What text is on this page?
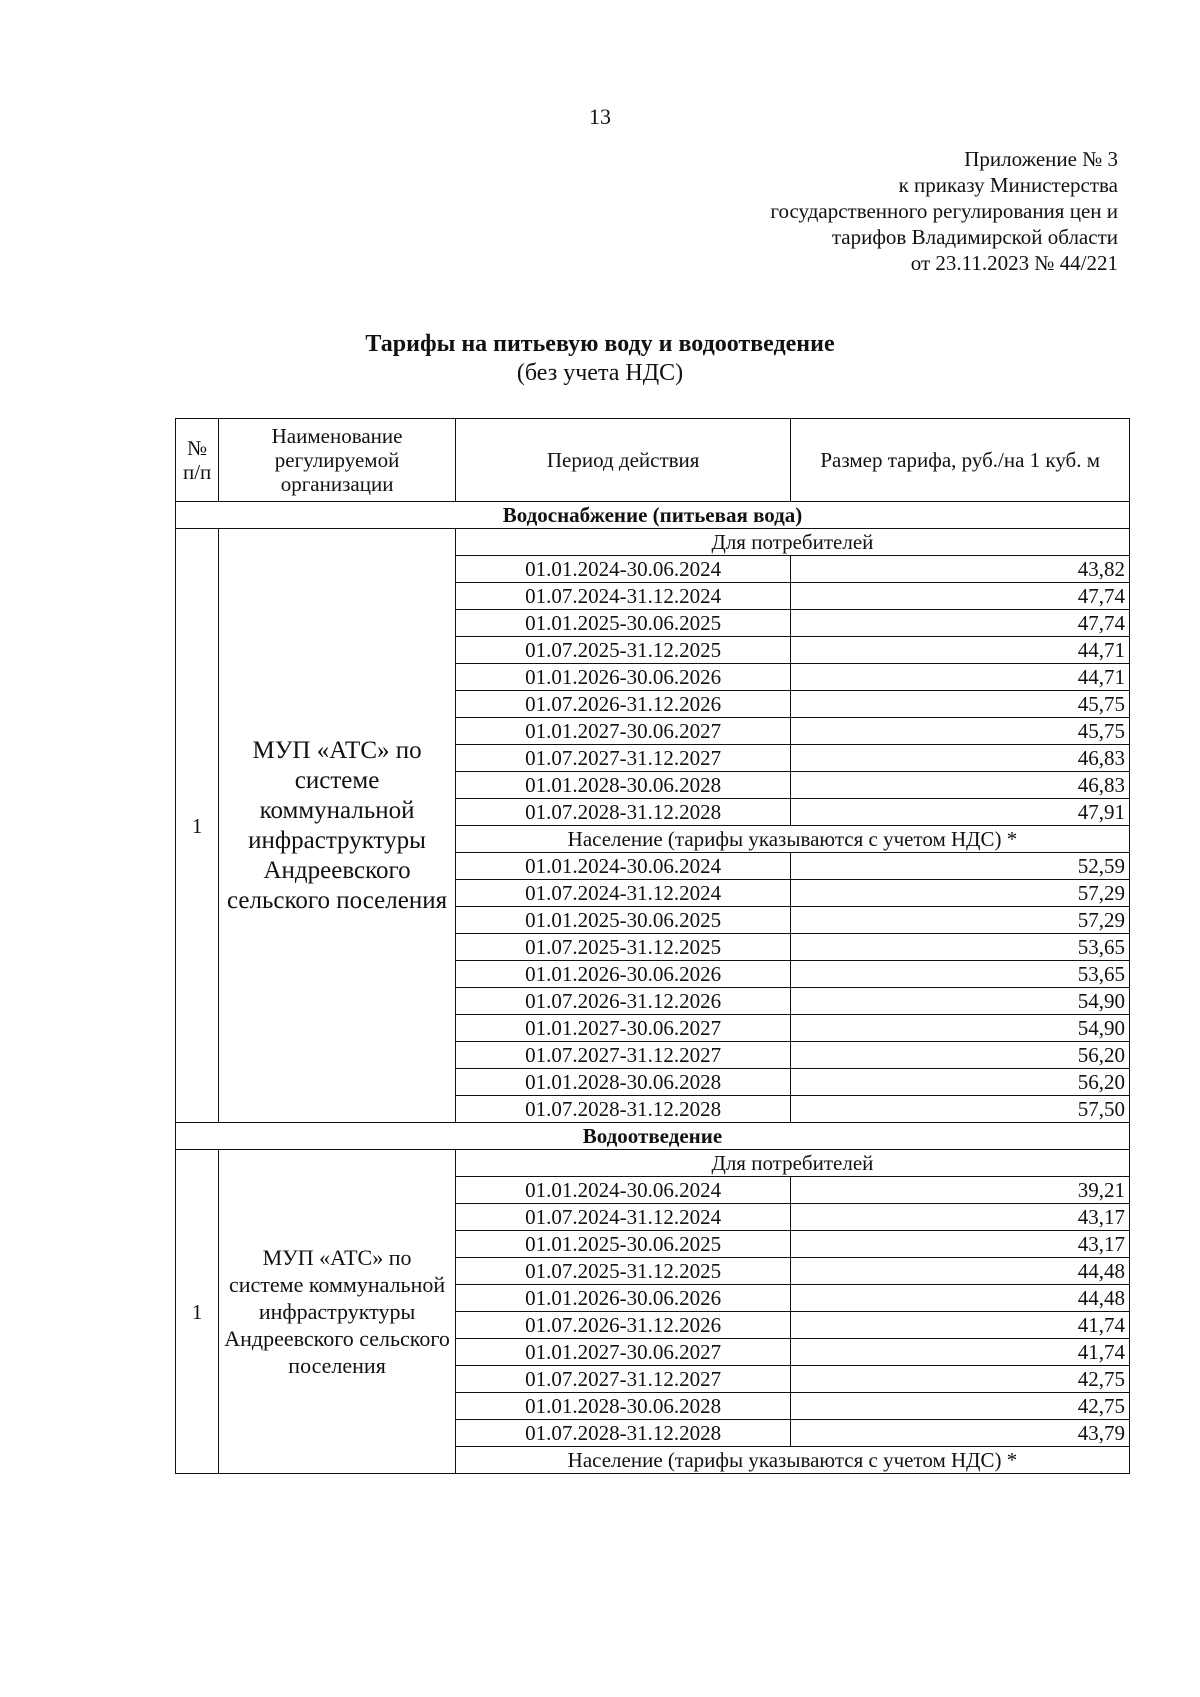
13
Приложение № 3
к приказу Министерства
государственного регулирования цен и
тарифов Владимирской области
от 23.11.2023 № 44/221
Тарифы на питьевую воду и водоотведение
(без учета НДС)
№ п/п	Наименование регулируемой организации	Период действия	Размер тарифа, руб./на 1 куб. м
Водоснабжение (питьевая вода)			
1	МУП «АТС» по системе коммунальной инфраструктуры Андреевского сельского поселения	Для потребителей	
		01.01.2024-30.06.2024	43,82
		01.07.2024-31.12.2024	47,74
		01.01.2025-30.06.2025	47,74
		01.07.2025-31.12.2025	44,71
		01.01.2026-30.06.2026	44,71
		01.07.2026-31.12.2026	45,75
		01.01.2027-30.06.2027	45,75
		01.07.2027-31.12.2027	46,83
		01.01.2028-30.06.2028	46,83
		01.07.2028-31.12.2028	47,91
		Население (тарифы указываются с учетом НДС) *	
		01.01.2024-30.06.2024	52,59
		01.07.2024-31.12.2024	57,29
		01.01.2025-30.06.2025	57,29
		01.07.2025-31.12.2025	53,65
		01.01.2026-30.06.2026	53,65
		01.07.2026-31.12.2026	54,90
		01.01.2027-30.06.2027	54,90
		01.07.2027-31.12.2027	56,20
		01.01.2028-30.06.2028	56,20
		01.07.2028-31.12.2028	57,50
Водоотведение			
1	МУП «АТС» по системе коммунальной инфраструктуры Андреевского сельского поселения	Для потребителей	
		01.01.2024-30.06.2024	39,21
		01.07.2024-31.12.2024	43,17
		01.01.2025-30.06.2025	43,17
		01.07.2025-31.12.2025	44,48
		01.01.2026-30.06.2026	44,48
		01.07.2026-31.12.2026	41,74
		01.01.2027-30.06.2027	41,74
		01.07.2027-31.12.2027	42,75
		01.01.2028-30.06.2028	42,75
		01.07.2028-31.12.2028	43,79
		Население (тарифы указываются с учетом НДС) *	
